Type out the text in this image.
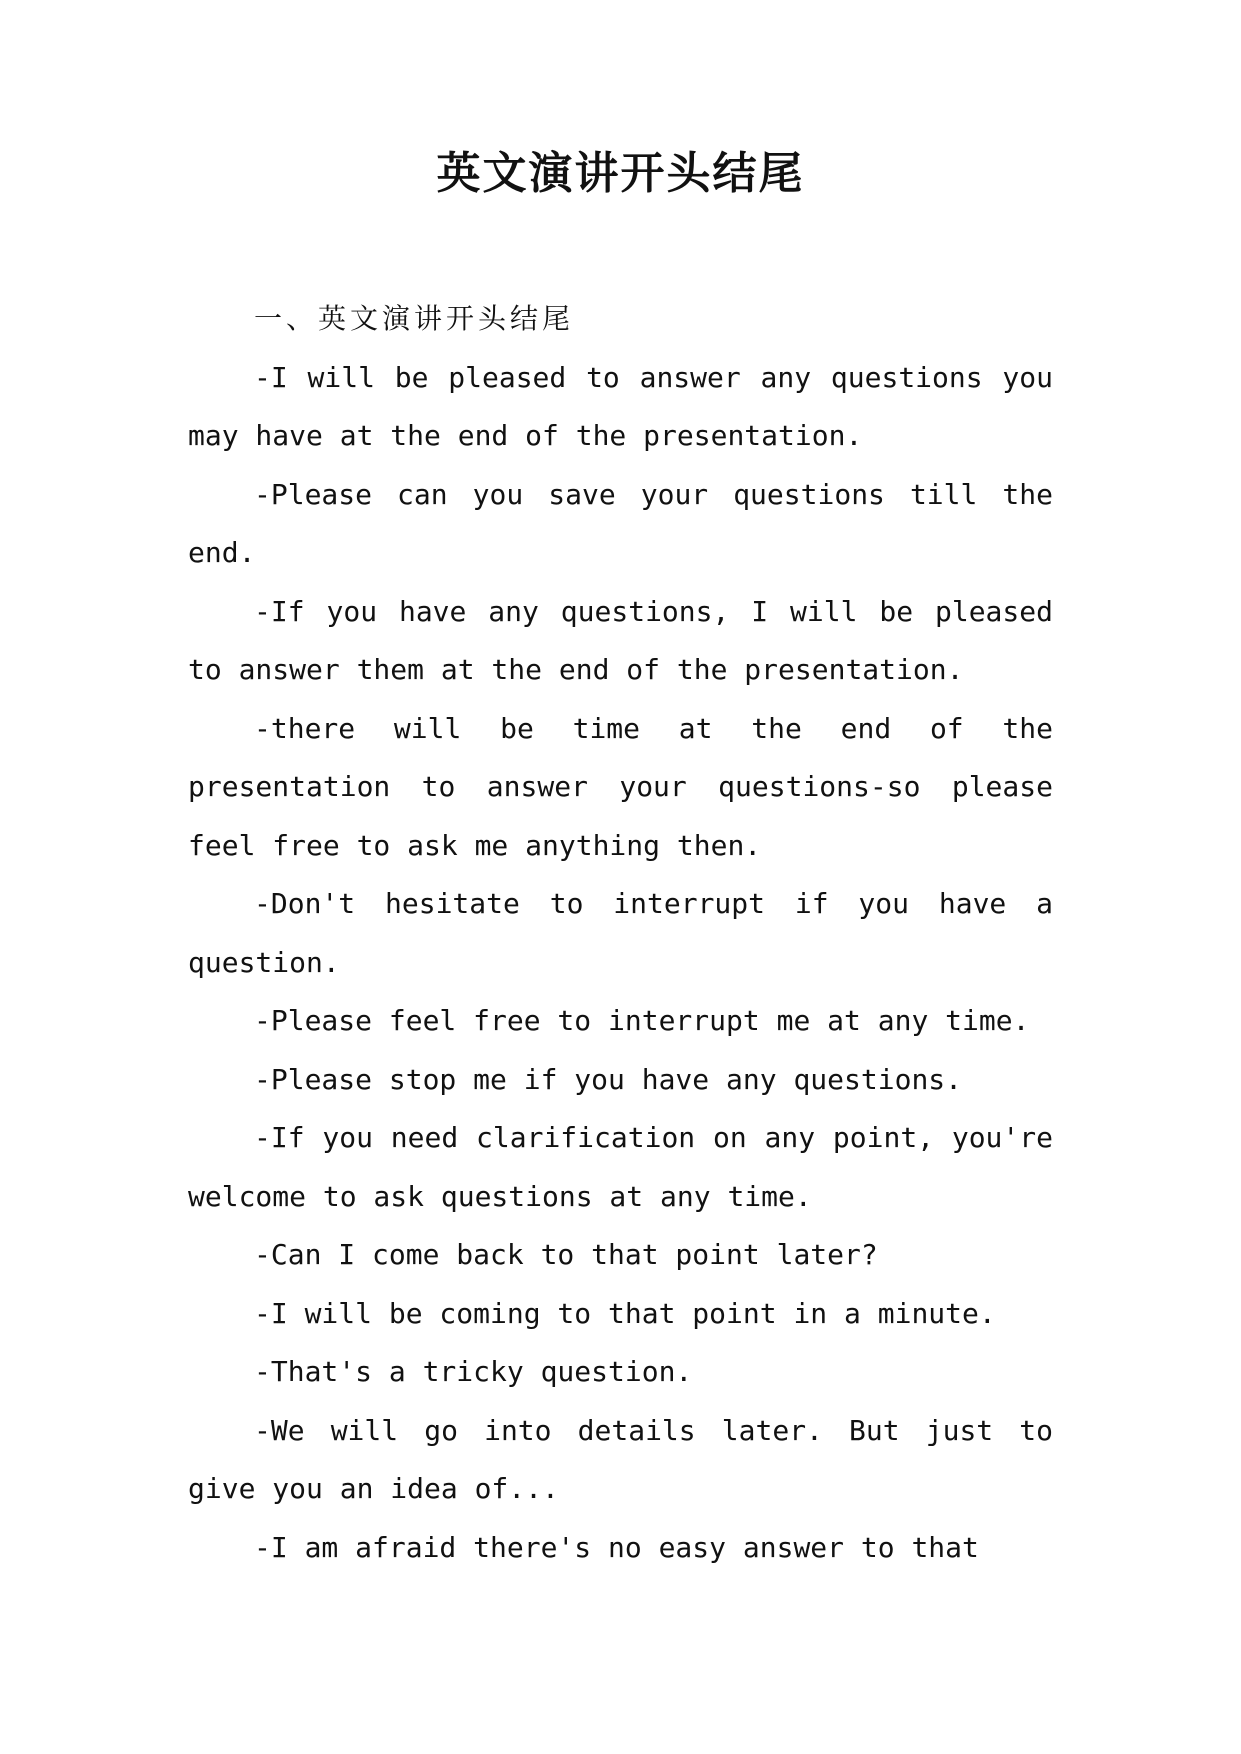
英文演讲开头结尾

一、英文演讲开头结尾

-I will be pleased to answer any questions you may have at the end of the presentation.

-Please can you save your questions till the end.

-If you have any questions, I will be pleased to answer them at the end of the presentation.

-there will be time at the end of the presentation to answer your questions-so please feel free to ask me anything then.

-Don't hesitate to interrupt if you have a question.

-Please feel free to interrupt me at any time.

-Please stop me if you have any questions.

-If you need clarification on any point, you're welcome to ask questions at any time.

-Can I come back to that point later?

-I will be coming to that point in a minute.

-That's a tricky question.

-We will go into details later. But just to give you an idea of...

-I am afraid there's no easy answer to that
